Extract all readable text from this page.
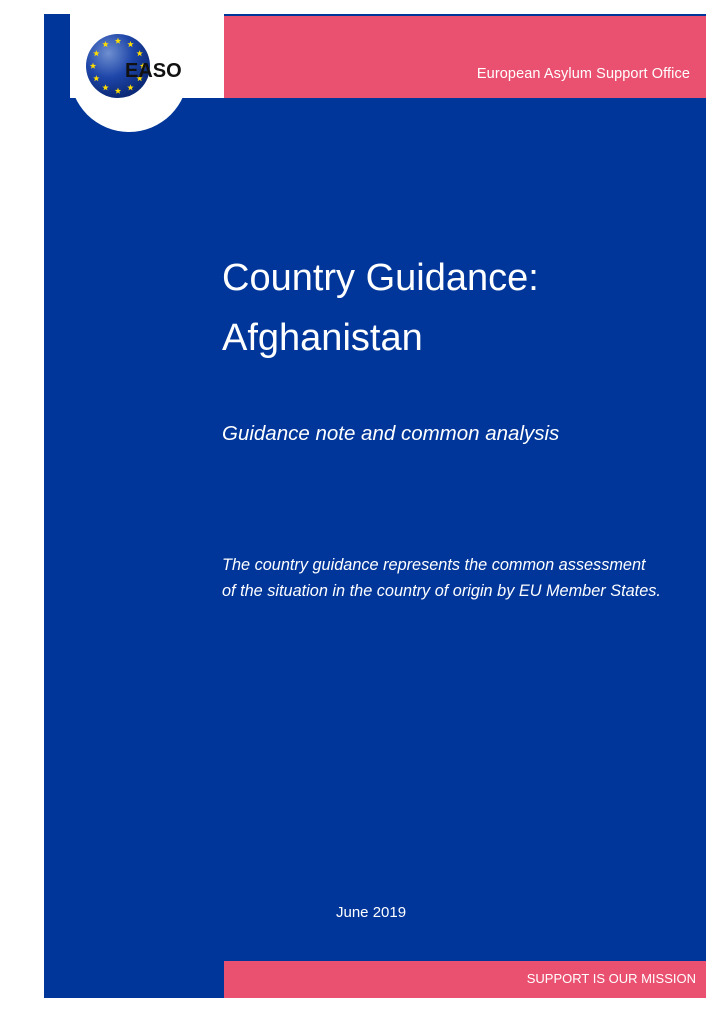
European Asylum Support Office
EASO
Country Guidance:
Afghanistan

Guidance note and common analysis

The country guidance represents the common assessment of the situation in the country of origin by EU Member States.

June 2019

SUPPORT IS OUR MISSION
